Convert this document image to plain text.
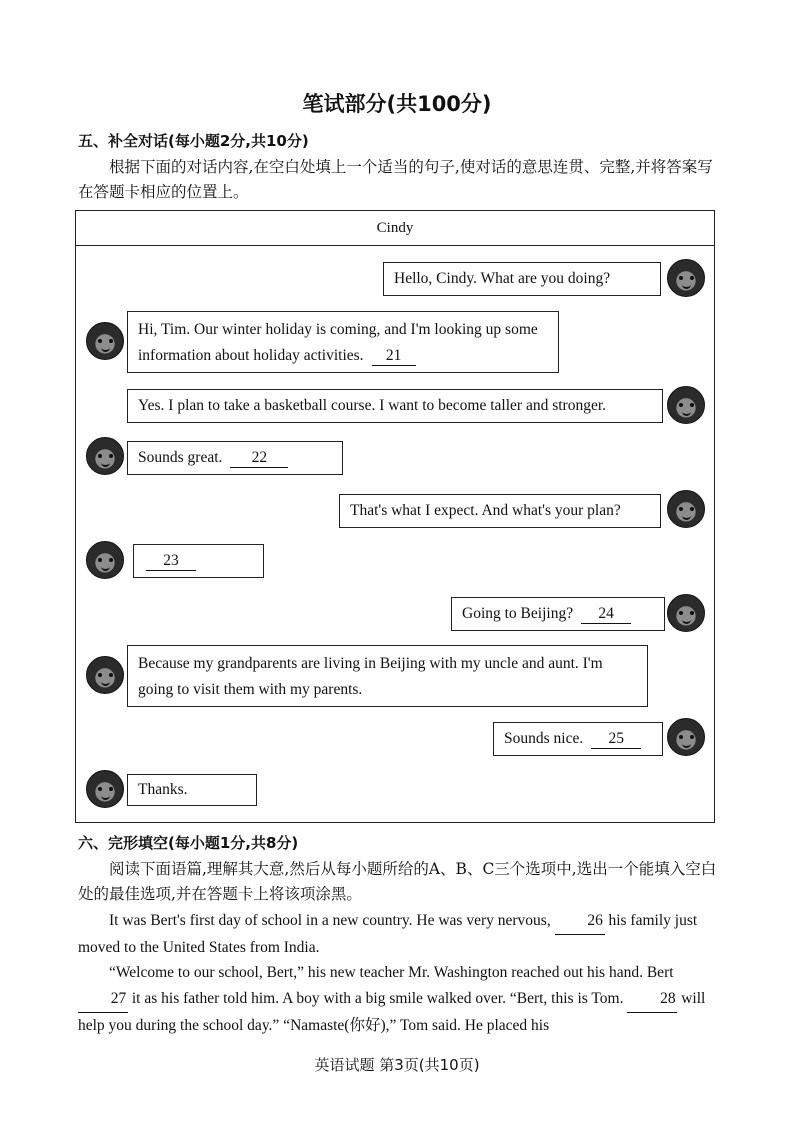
笔试部分(共100分)
五、补全对话(每小题2分,共10分)
根据下面的对话内容,在空白处填上一个适当的句子,使对话的意思连贯、完整,并将答案写在答题卡相应的位置上。
Cindy
Hello, Cindy. What are you doing?
Hi, Tim. Our winter holiday is coming, and I'm looking up some information about holiday activities. 21
Yes. I plan to take a basketball course. I want to become taller and stronger.
Sounds great.	22
That's what I expect. And what's your plan?
23
Going to Beijing?	24
Because my grandparents are living in Beijing with my uncle and aunt. I'm going to visit them with my parents.
Sounds nice.	25
Thanks.
六、完形填空(每小题1分,共8分)
阅读下面语篇,理解其大意,然后从每小题所给的A、B、C三个选项中,选出一个能填入空白处的最佳选项,并在答题卡上将该项涂黑。
It was Bert's first day of school in a new country. He was very nervous, 26 his family just moved to the United States from India.
“Welcome to our school, Bert,” his new teacher Mr. Washington reached out his hand. Bert 27 it as his father told him. A boy with a big smile walked over. “Bert, this is Tom. 28 will help you during the school day.” “Namaste(你好),” Tom said. He placed his
英语试题 第3页(共10页)
